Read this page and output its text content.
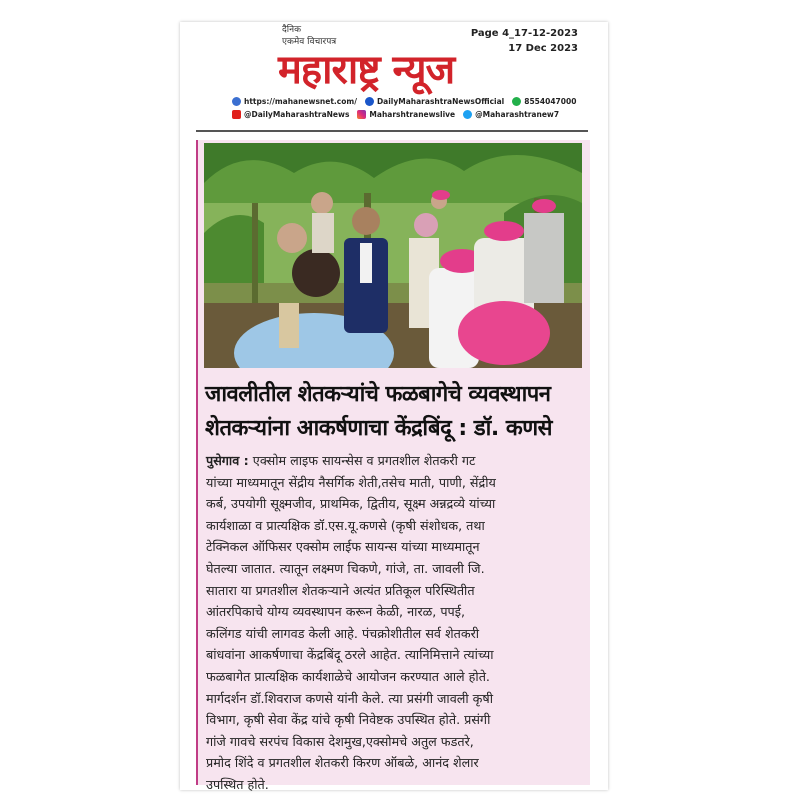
दैनिक
एकमेव विचारपत्र
महाराष्ट्र न्यूज
Page 4_17-12-2023
17 Dec 2023
https://mahanewsnet.com/	DailyMaharashtraNewsOfficial	8554047000
@DailyMaharashtraNews	Maharshtranewslive	@Maharashtranew7
जावलीतील शेतकऱ्यांचे फळबागेचे व्यवस्थापन
शेतकऱ्यांना आकर्षणाचा केंद्रबिंदू : डॉ. कणसे
पुसेगाव : एक्सोम लाइफ सायन्सेस व प्रगतशील शेतकरी गट
यांच्या माध्यमातून सेंद्रीय नैसर्गिक शेती,तसेच माती, पाणी, सेंद्रीय
कर्ब, उपयोगी सूक्ष्मजीव, प्राथमिक, द्वितीय, सूक्ष्म अन्नद्रव्ये यांच्या
कार्यशाळा व प्रात्यक्षिक डॉ.एस.यू.कणसे (कृषी संशोधक, तथा
टेक्निकल ऑफिसर एक्सोम लाईफ सायन्स यांच्या माध्यमातून
घेतल्या जातात. त्यातून लक्ष्मण चिकणे, गांजे, ता. जावली जि.
सातारा या प्रगतशील शेतकऱ्याने अत्यंत प्रतिकूल परिस्थितीत
आंतरपिकाचे योग्य व्यवस्थापन करून केळी, नारळ, पपई,
कलिंगड यांची लागवड केली आहे. पंचक्रोशीतील सर्व शेतकरी
बांधवांना आकर्षणाचा केंद्रबिंदू ठरले आहेत. त्यानिमित्ताने त्यांच्या
फळबागेत प्रात्यक्षिक कार्यशाळेचे आयोजन करण्यात आले होते.
मार्गदर्शन डॉ.शिवराज कणसे यांनी केले. त्या प्रसंगी जावली कृषी
विभाग, कृषी सेवा केंद्र यांचे कृषी निवेष्टक उपस्थित होते. प्रसंगी
गांजे गावचे सरपंच विकास देशमुख,एक्सोमचे अतुल फडतरे,
प्रमोद शिंदे व प्रगतशील शेतकरी किरण ऑबळे, आनंद शेलार
उपस्थित होते.
